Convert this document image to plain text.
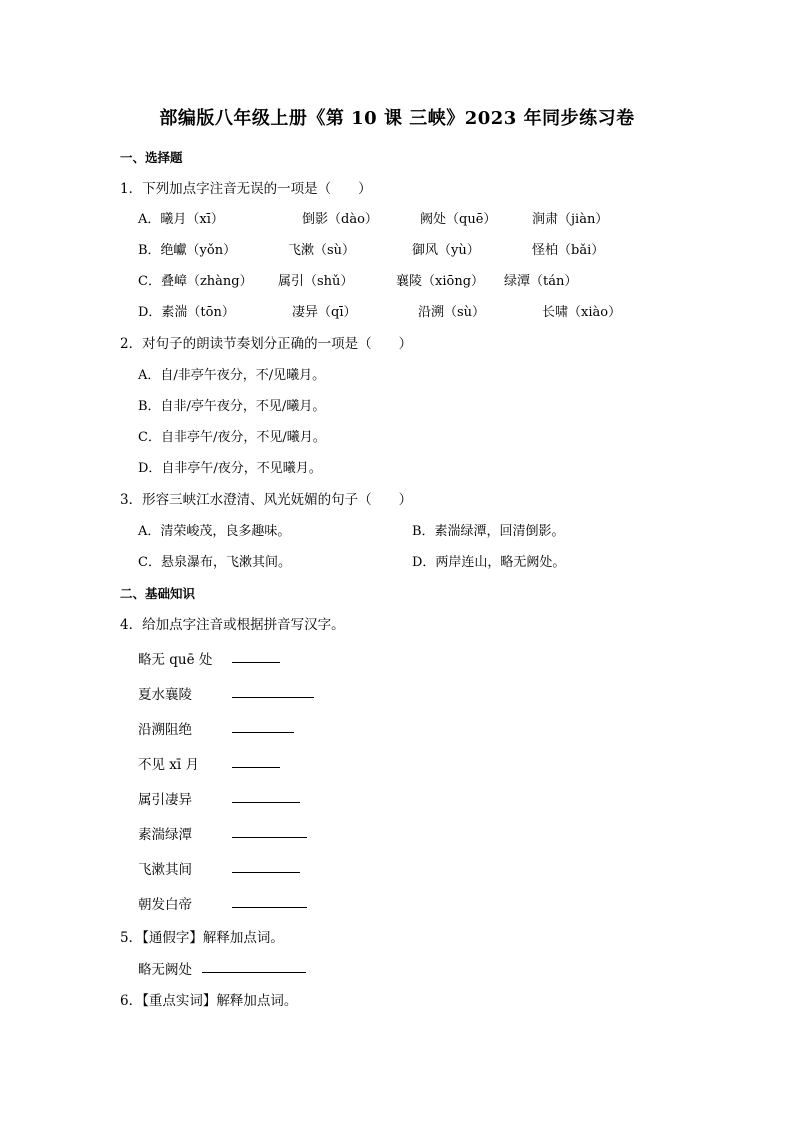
部编版八年级上册《第 10 课 三峡》2023 年同步练习卷
一、选择题
1．下列加点字注音无误的一项是（　　）
A．曦月（xī）	倒影（dào）	阙处（quē）	涧肃（jiàn）
B．绝巘（yǒn）	飞漱（sù）	御风（yù）	怪柏（bǎi）
C．叠嶂（zhàng） 属引（shǔ）	襄陵（xiōng） 绿潭（tán）
D．素湍（tōn）	凄异（qī）	沿溯（sù）	长啸（xiào）
2．对句子的朗读节奏划分正确的一项是（　　）
A．自/非亭午夜分，不/见曦月。
B．自非/亭午夜分，不见/曦月。
C．自非亭午/夜分，不见/曦月。
D．自非亭午/夜分，不见曦月。
3．形容三峡江水澄清、风光妩媚的句子（　　）
A．清荣峻茂，良多趣味。	B．素湍绿潭，回清倒影。
C．悬泉瀑布，飞漱其间。	D．两岸连山，略无阙处。
二、基础知识
4．给加点字注音或根据拼音写汉字。
略无 quē 处
夏水襄陵
沿溯阻绝
不见 xī 月
属引凄异
素湍绿潭
飞漱其间
朝发白帝
5．【通假字】解释加点词。
略无阙处
6．【重点实词】解释加点词。
